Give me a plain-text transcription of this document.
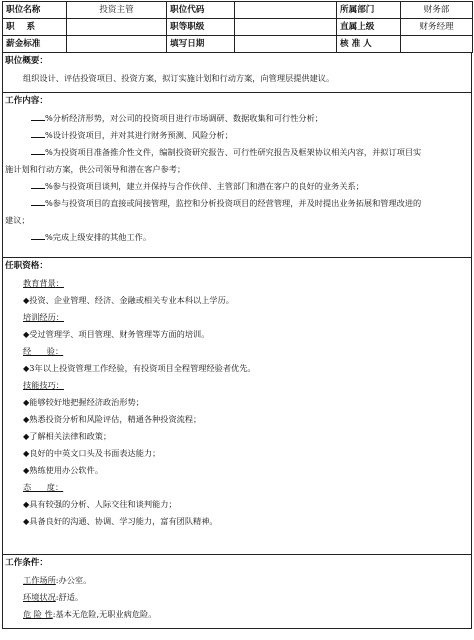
职位名称	投资主管	职位代码		所属部门	财务部
职    系		职等职级		直属上级	财务经理
薪金标准		填写日期		核 准 人	

职位概要：

组织设计、评估投资项目、投资方案，拟订实施计划和行动方案，向管理层提供建议。

工作内容：

%分析经济形势，对公司的投资项目进行市场调研、数据收集和可行性分析；

%设计投资项目，并对其进行财务预测、风险分析；

%为投资项目准备推介性文件，编制投资研究报告、可行性研究报告及框架协议相关内容，并拟订项目实

施计划和行动方案，供公司领导和潜在客户参考；

%参与投资项目谈判，建立并保持与合作伙伴、主管部门和潜在客户的良好的业务关系；

%参与投资项目的直接或间接管理，监控和分析投资项目的经营管理，并及时提出业务拓展和管理改进的

建议；

%完成上级安排的其他工作。

任职资格：

教育背景：

◆投资、企业管理、经济、金融或相关专业本科以上学历。

培训经历：

◆受过管理学、项目管理、财务管理等方面的培训。

经      验：

◆3年以上投资管理工作经验，有投资项目全程管理经验者优先。

技能技巧：

◆能够较好地把握经济政治形势；

◆熟悉投资分析和风险评估，精通各种投资流程；

◆了解相关法律和政策；

◆良好的中英文口头及书面表达能力；

◆熟练使用办公软件。

态      度：

◆具有较强的分析、人际交往和谈判能力；

◆具备良好的沟通、协调、学习能力，富有团队精神。

工作条件：

工作场所:办公室。

环境状况:舒适。

危 险 性:基本无危险,无职业病危险。
